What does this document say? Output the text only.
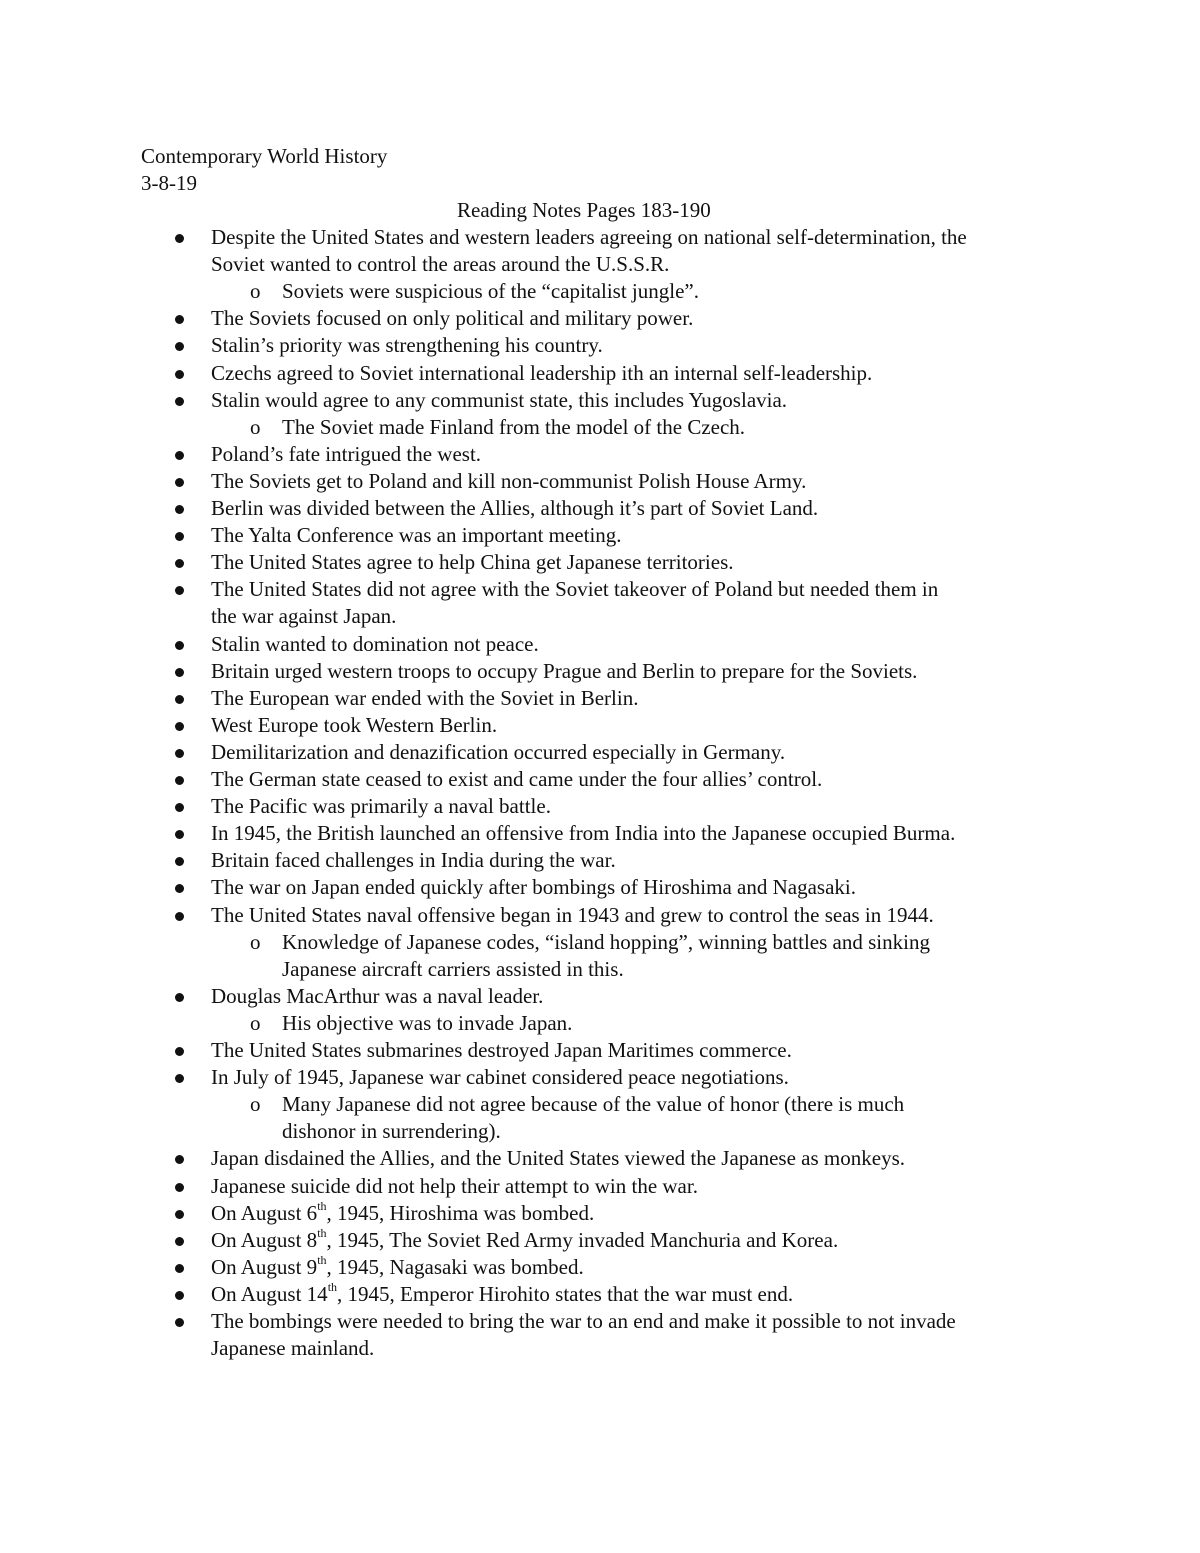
Contemporary World History
3-8-19
Reading Notes Pages 183-190
Despite the United States and western leaders agreeing on national self-determination, the
Soviet wanted to control the areas around the U.S.S.R.
o Soviets were suspicious of the “capitalist jungle”.
The Soviets focused on only political and military power.
Stalin’s priority was strengthening his country.
Czechs agreed to Soviet international leadership ith an internal self-leadership.
Stalin would agree to any communist state, this includes Yugoslavia.
o The Soviet made Finland from the model of the Czech.
Poland’s fate intrigued the west.
The Soviets get to Poland and kill non-communist Polish House Army.
Berlin was divided between the Allies, although it’s part of Soviet Land.
The Yalta Conference was an important meeting.
The United States agree to help China get Japanese territories.
The United States did not agree with the Soviet takeover of Poland but needed them in
the war against Japan.
Stalin wanted to domination not peace.
Britain urged western troops to occupy Prague and Berlin to prepare for the Soviets.
The European war ended with the Soviet in Berlin.
West Europe took Western Berlin.
Demilitarization and denazification occurred especially in Germany.
The German state ceased to exist and came under the four allies’ control.
The Pacific was primarily a naval battle.
In 1945, the British launched an offensive from India into the Japanese occupied Burma.
Britain faced challenges in India during the war.
The war on Japan ended quickly after bombings of Hiroshima and Nagasaki.
The United States naval offensive began in 1943 and grew to control the seas in 1944.
o Knowledge of Japanese codes, “island hopping”, winning battles and sinking
Japanese aircraft carriers assisted in this.
Douglas MacArthur was a naval leader.
o His objective was to invade Japan.
The United States submarines destroyed Japan Maritimes commerce.
In July of 1945, Japanese war cabinet considered peace negotiations.
o Many Japanese did not agree because of the value of honor (there is much
dishonor in surrendering).
Japan disdained the Allies, and the United States viewed the Japanese as monkeys.
Japanese suicide did not help their attempt to win the war.
On August 6th, 1945, Hiroshima was bombed.
On August 8th, 1945, The Soviet Red Army invaded Manchuria and Korea.
On August 9th, 1945, Nagasaki was bombed.
On August 14th, 1945, Emperor Hirohito states that the war must end.
The bombings were needed to bring the war to an end and make it possible to not invade
Japanese mainland.
